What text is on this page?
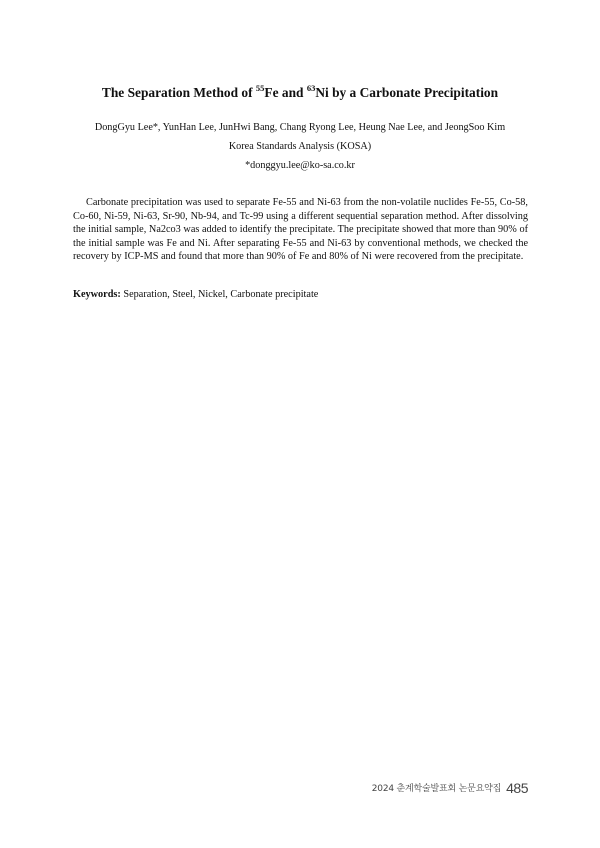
The Separation Method of $^{55}$Fe and $^{63}$Ni by a Carbonate Precipitation
DongGyu Lee*, YunHan Lee, JunHwi Bang, Chang Ryong Lee, Heung Nae Lee, and JeongSoo Kim
Korea Standards Analysis (KOSA)
*donggyu.lee@ko-sa.co.kr

Carbonate precipitation was used to separate Fe-55 and Ni-63 from the non-volatile nuclides Fe-55, Co-58, Co-60, Ni-59, Ni-63, Sr-90, Nb-94, and Tc-99 using a different sequential separation method. After dissolving the initial sample, Na2co3 was added to identify the precipitate. The precipitate showed that more than 90% of the initial sample was Fe and Ni. After separating Fe-55 and Ni-63 by conventional methods, we checked the recovery by ICP-MS and found that more than 90% of Fe and 80% of Ni were recovered from the precipitate.

Keywords: Separation, Steel, Nickel, Carbonate precipitate

2024 춘계학술발표회 논문요약집 485
